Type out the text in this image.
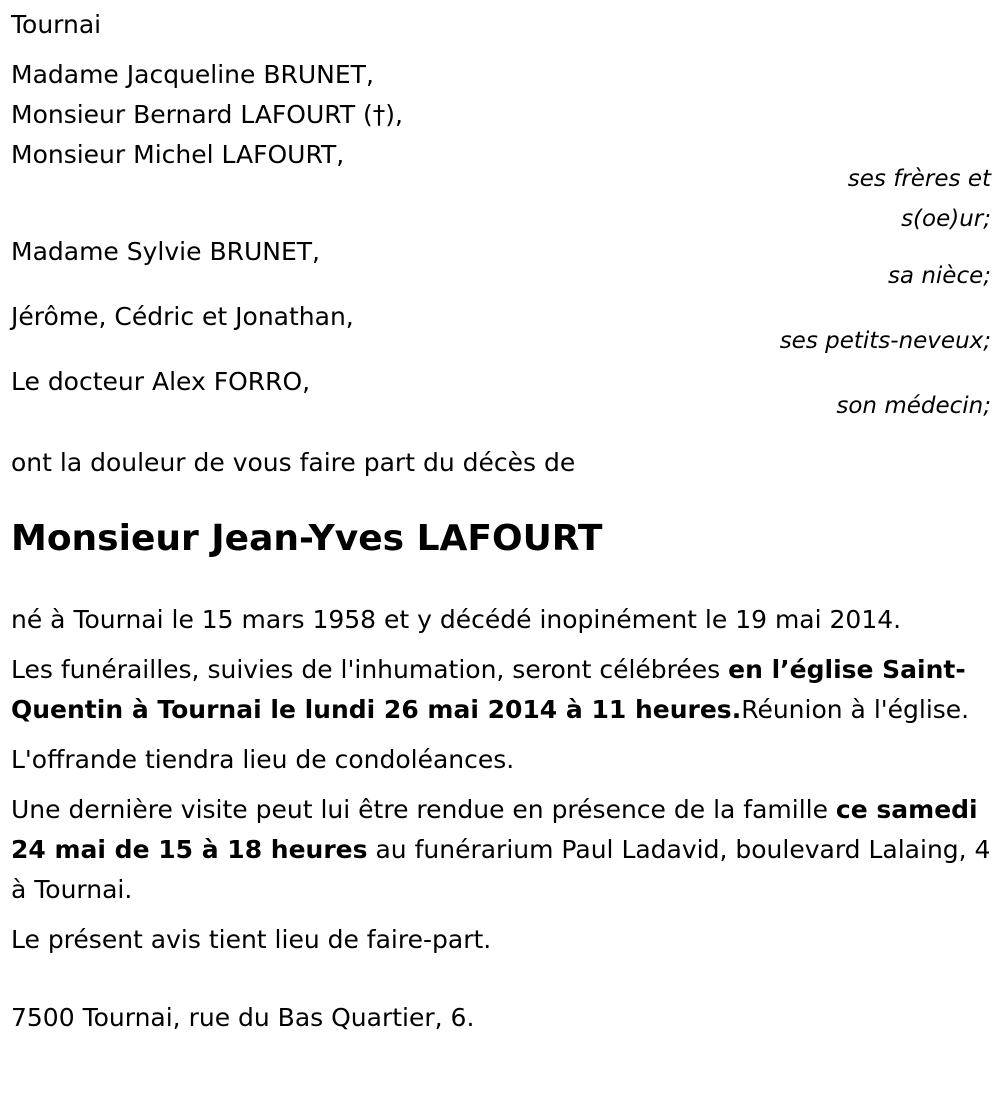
Tournai
Madame Jacqueline BRUNET,
Monsieur Bernard LAFOURT (†),
Monsieur Michel LAFOURT,
ses frères et
s(oe)ur;
Madame Sylvie BRUNET,
sa nièce;
Jérôme, Cédric et Jonathan,
ses petits-neveux;
Le docteur Alex FORRO,
son médecin;
ont la douleur de vous faire part du décès de
Monsieur Jean-Yves LAFOURT
né à Tournai le 15 mars 1958 et y décédé inopinément le 19 mai 2014.
Les funérailles, suivies de l'inhumation, seront célébrées en l’église Saint-Quentin à Tournai le lundi 26 mai 2014 à 11 heures.Réunion à l'église.
L'offrande tiendra lieu de condoléances.
Une dernière visite peut lui être rendue en présence de la famille ce samedi 24 mai de 15 à 18 heures au funérarium Paul Ladavid, boulevard Lalaing, 4 à Tournai.
Le présent avis tient lieu de faire-part.
7500 Tournai, rue du Bas Quartier, 6.
